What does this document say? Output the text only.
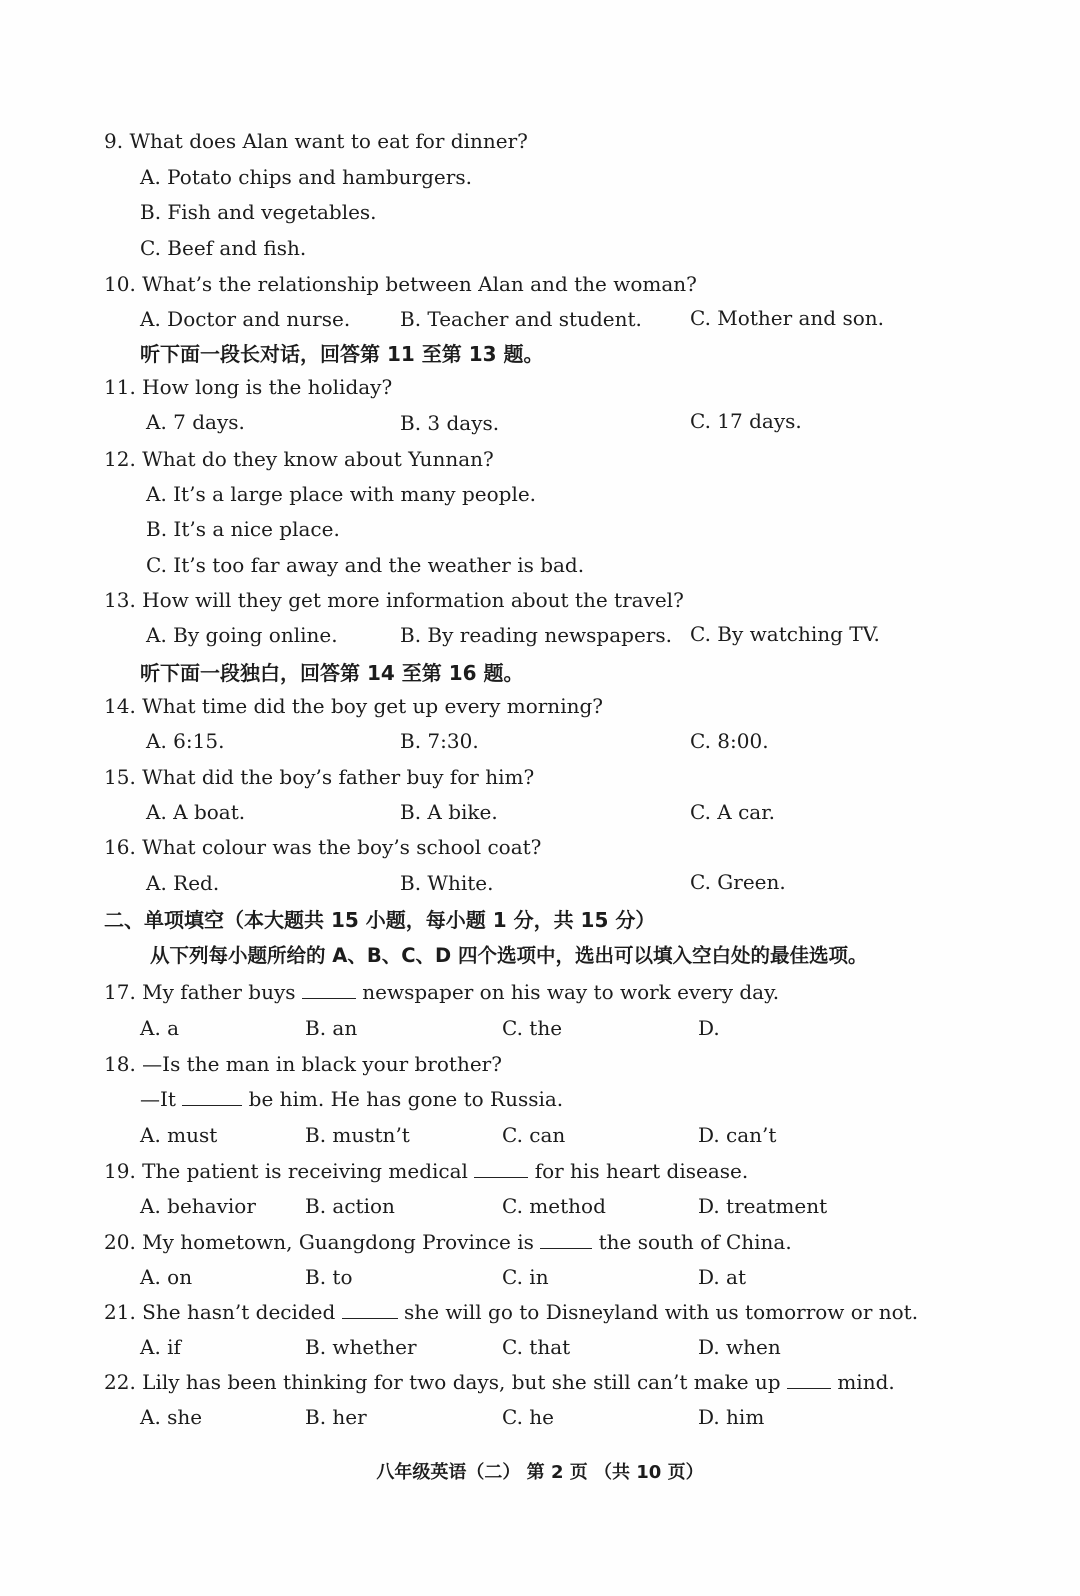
9. What does Alan want to eat for dinner?
A. Potato chips and hamburgers.
B. Fish and vegetables.
C. Beef and fish.
10. What’s the relationship between Alan and the woman?
A. Doctor and nurse. B. Teacher and student. C. Mother and son.
听下面一段长对话，回答第 11 至第 13 题。
11. How long is the holiday?
A. 7 days.	B. 3 days.	C. 17 days.
12. What do they know about Yunnan?
A. It’s a large place with many people.
B. It’s a nice place.
C. It’s too far away and the weather is bad.
13. How will they get more information about the travel?
A. By going online.	B. By reading newspapers. C. By watching TV.
听下面一段独白，回答第 14 至第 16 题。
14. What time did the boy get up every morning?
A. 6:15.	B. 7:30.	C. 8:00.
15. What did the boy’s father buy for him?
A. A boat.	B. A bike.	C. A car.
16. What colour was the boy’s school coat?
A. Red.	B. White.	C. Green.
二、单项填空（本大题共 15 小题，每小题 1 分，共 15 分）
从下列每小题所给的 A、B、C、D 四个选项中，选出可以填入空白处的最佳选项。
17. My father buys	newspaper on his way to work every day.
A. a	B. an	C. the	D.
18. —Is the man in black your brother?
—It	be him. He has gone to Russia.
A. must	B. mustn’t	C. can	D. can’t
19. The patient is receiving medical	for his heart disease.
A. behavior B. action	C. method	D. treatment
20. My hometown, Guangdong Province is	the south of China.
A. on	B. to	C. in	D. at
21. She hasn’t decided	she will go to Disneyland with us tomorrow or not.
A. if	B. whether	C. that	D. when
22. Lily has been thinking for two days, but she still can’t make up	mind.
A. she	B. her	C. he	D. him
八年级英语（二） 第 2 页 （共 10 页）
